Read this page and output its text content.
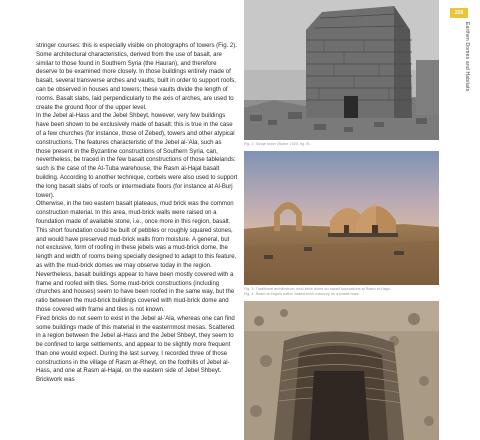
stringer courses: this is especially visible on photographs of towers (Fig. 2). Some architectural characteristics, derived from the use of basalt, are similar to those found in Southern Syria (the Hauran), and therefore deserve to be examined more closely. In those buildings entirely made of basalt, several transverse arches and vaults, built in order to support roofs, can be observed in houses and towers; these vaults divide the length of rooms. Basalt slabs, laid perpendicularly to the axis of arches, are used to create the ground floor of the upper level.

In the Jebel al-Hass and the Jebel Shbeyt, however, very few buildings have been shown to be exclusively made of basalt: this is true in the case of a few churches (for instance, those of Zebed), towers and other atypical constructions. The features characteristic of the Jebel al-'Ala, such as those present in the Byzantine constructions of Southern Syria, can, nevertheless, be traced in the few basalt constructions of those tablelands: such is the case of the At-Tuba warehouse, the Rasm al-Hajal basalt building. According to another technique, corbels were also used to support the long basalt slabs of roofs or intermediate floors (for instance at Al-Burj tower).

Otherwise, in the two eastern basalt plateaus, mud brick was the common construction material. In this area, mud-brick walls were raised on a foundation made of available stone, i.e., once more in this region, basalt. This short foundation could be built of pebbles or roughly squared stones, and would have preserved mud-brick walls from moisture. A general, but not exclusive, form of roofing in these jebels was a mud-brick dome, the length and width of rooms being specially designed to adapt to this feature, as with the mud-brick domes we may observe today in the region.

Nevertheless, basalt buildings appear to have been mostly covered with a frame and roofed with tiles. Some mud-brick constructions (including churches and houses) seem to have been roofed in the same way, but the ratio between the mud-brick buildings covered with mud-brick dome and those covered with frame and tiles is not known.

Fired bricks do not seem to exist in the Jebel al-'Ala, whereas one can find some buildings made of this material in the easternmost mesas. Scattered in a region between the Jebel al-Hass and the Jebel Shbeyt, they seem to be confined to large settlements, and appear to be slightly more frequent than one would expect. During the last survey, I recorded three of those constructions in the village of Rasm ar-Rheyt, on the foothills of Jebel al-Hass, and one at Rasm al-Hajal, on the eastern side of Jebel Shbeyt. Brickwork was

Fig. 2: Tanqe tower (Butler 1920, fig. 8).
Fig. 3: Traditional architecture: mud-brick dome on basalt foundations at Rasm al-Hajal.
Fig. 4: Rasm al-Hajal's baths: baked-brick masonry on a basalt base.
229
Earthen Domes and Habitats
